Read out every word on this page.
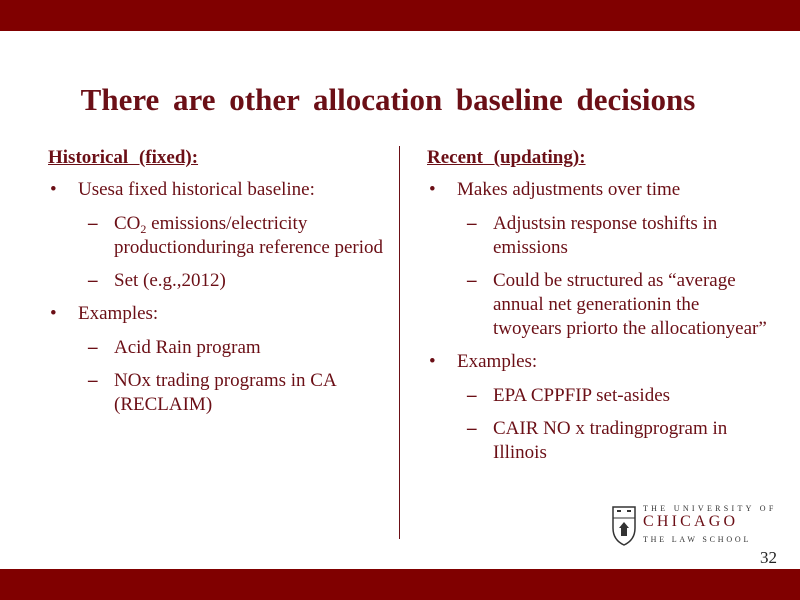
There are other allocation baseline decisions
Historical (fixed):
• Usesa fixed historical baseline:
– $CO_2$ emissions/electricity productionduringa reference period
– Set (e.g.,2012)
• Examples:
– Acid Rain program
– NOx trading programs in CA (RECLAIM)
Recent (updating):
• Makes adjustments over time
– Adjustsin response toshifts in emissions
– Could be structured as “average annual net generationin the twoyears priorto the allocationyear”
• Examples:
– EPA CPPFIP set-asides
– CAIR NO x tradingprogram in Illinois
THE UNIVERSITY OF
CHICAGO
THE LAW SCHOOL
32
